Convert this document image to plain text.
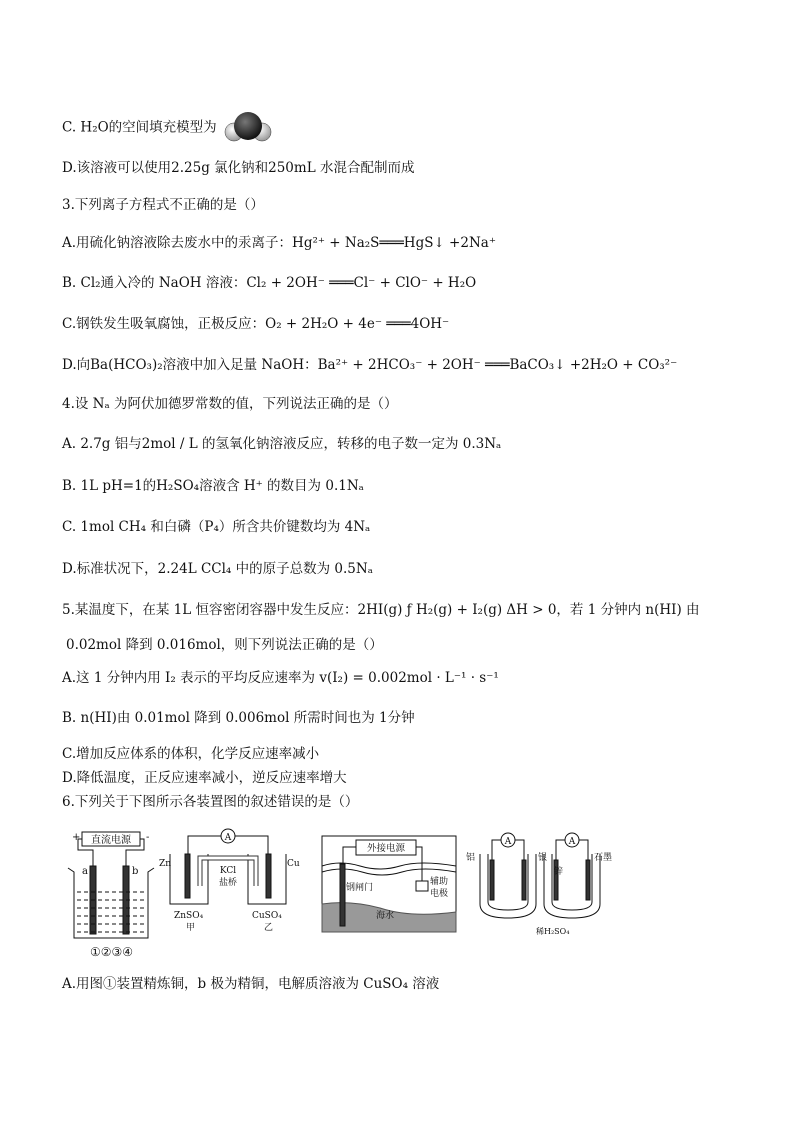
C. H₂O的空间填充模型为
D.该溶液可以使用2.25g 氯化钠和250mL 水混合配制而成
3.下列离子方程式不正确的是（）
A.用硫化钠溶液除去废水中的汞离子：Hg²⁺ + Na₂S═══HgS↓ +2Na⁺
B. Cl₂通入冷的 NaOH 溶液：Cl₂ + 2OH⁻ ═══Cl⁻ + ClO⁻ + H₂O
C.钢铁发生吸氧腐蚀，正极反应：O₂ + 2H₂O + 4e⁻ ═══4OH⁻
D.向Ba(HCO₃)₂溶液中加入足量 NaOH：Ba²⁺ + 2HCO₃⁻ + 2OH⁻ ═══BaCO₃↓ +2H₂O + CO₃²⁻
4.设 Nₐ 为阿伏加德罗常数的值，下列说法正确的是（）
A. 2.7g 铝与2mol / L 的氢氧化钠溶液反应，转移的电子数一定为 0.3Nₐ
B. 1L pH=1的H₂SO₄溶液含 H⁺ 的数目为 0.1Nₐ
C. 1mol CH₄ 和白磷（P₄）所含共价键数均为 4Nₐ
D.标准状况下，2.24L CCl₄ 中的原子总数为 0.5Nₐ
5.某温度下，在某 1L 恒容密闭容器中发生反应：2HI(g) ƒ H₂(g) + I₂(g) ΔH > 0，若 1 分钟内 n(HI) 由
0.02mol 降到 0.016mol，则下列说法正确的是（）
A.这 1 分钟内用 I₂ 表示的平均反应速率为 v(I₂) = 0.002mol · L⁻¹ · s⁻¹
B. n(HI)由 0.01mol 降到 0.006mol 所需时间也为 1分钟
C.增加反应体系的体积，化学反应速率减小
D.降低温度，正反应速率减小，逆反应速率增大
6.下列关于下图所示各装置图的叙述错误的是（）
直流电源
+	-
a	b
①②③④
A
Zn	Cu
KCl
盐桥
ZnSO₄	CuSO₄
甲	乙
外接电源
钢闸门
辅助
电极
海水
A
铝	银
A
锌
石墨
稀H₂SO₄
A.用图①装置精炼铜，b 极为精铜，电解质溶液为 CuSO₄ 溶液
